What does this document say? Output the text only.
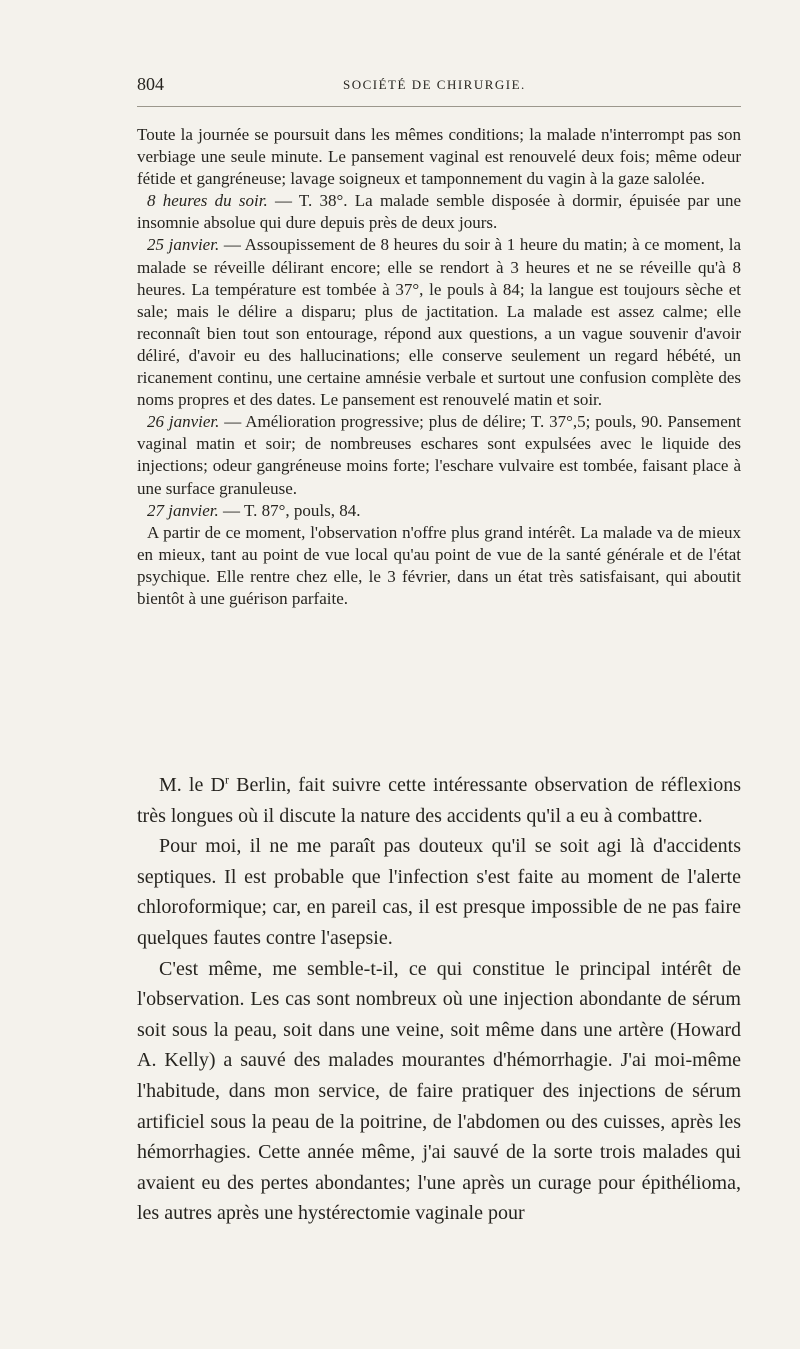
804	SOCIÉTÉ DE CHIRURGIE.

Toute la journée se poursuit dans les mêmes conditions; la malade n'interrompt pas son verbiage une seule minute. Le pansement vaginal est renouvelé deux fois; même odeur fétide et gangréneuse; lavage soigneux et tamponnement du vagin à la gaze salolée.

8 heures du soir. — T. 38°. La malade semble disposée à dormir, épuisée par une insomnie absolue qui dure depuis près de deux jours.

25 janvier. — Assoupissement de 8 heures du soir à 1 heure du matin; à ce moment, la malade se réveille délirant encore; elle se rendort à 3 heures et ne se réveille qu'à 8 heures. La température est tombée à 37°, le pouls à 84; la langue est toujours sèche et sale; mais le délire a disparu; plus de jactitation. La malade est assez calme; elle reconnaît bien tout son entourage, répond aux questions, a un vague souvenir d'avoir déliré, d'avoir eu des hallucinations; elle conserve seulement un regard hébété, un ricanement continu, une certaine amnésie verbale et surtout une confusion complète des noms propres et des dates. Le pansement est renouvelé matin et soir.

26 janvier. — Amélioration progressive; plus de délire; T. 37°,5; pouls, 90. Pansement vaginal matin et soir; de nombreuses eschares sont expulsées avec le liquide des injections; odeur gangréneuse moins forte; l'eschare vulvaire est tombée, faisant place à une surface granuleuse.

27 janvier. — T. 87°, pouls, 84.

A partir de ce moment, l'observation n'offre plus grand intérêt. La malade va de mieux en mieux, tant au point de vue local qu'au point de vue de la santé générale et de l'état psychique. Elle rentre chez elle, le 3 février, dans un état très satisfaisant, qui aboutit bientôt à une guérison parfaite.

M. le $D^r$ Berlin, fait suivre cette intéressante observation de réflexions très longues où il discute la nature des accidents qu'il a eu à combattre.

Pour moi, il ne me paraît pas douteux qu'il se soit agi là d'accidents septiques. Il est probable que l'infection s'est faite au moment de l'alerte chloroformique; car, en pareil cas, il est presque impossible de ne pas faire quelques fautes contre l'asepsie.

C'est même, me semble-t-il, ce qui constitue le principal intérêt de l'observation. Les cas sont nombreux où une injection abondante de sérum soit sous la peau, soit dans une veine, soit même dans une artère (Howard A. Kelly) a sauvé des malades mourantes d'hémorrhagie. J'ai moi-même l'habitude, dans mon service, de faire pratiquer des injections de sérum artificiel sous la peau de la poitrine, de l'abdomen ou des cuisses, après les hémorrhagies. Cette année même, j'ai sauvé de la sorte trois malades qui avaient eu des pertes abondantes; l'une après un curage pour épithélioma, les autres après une hystérectomie vaginale pour
